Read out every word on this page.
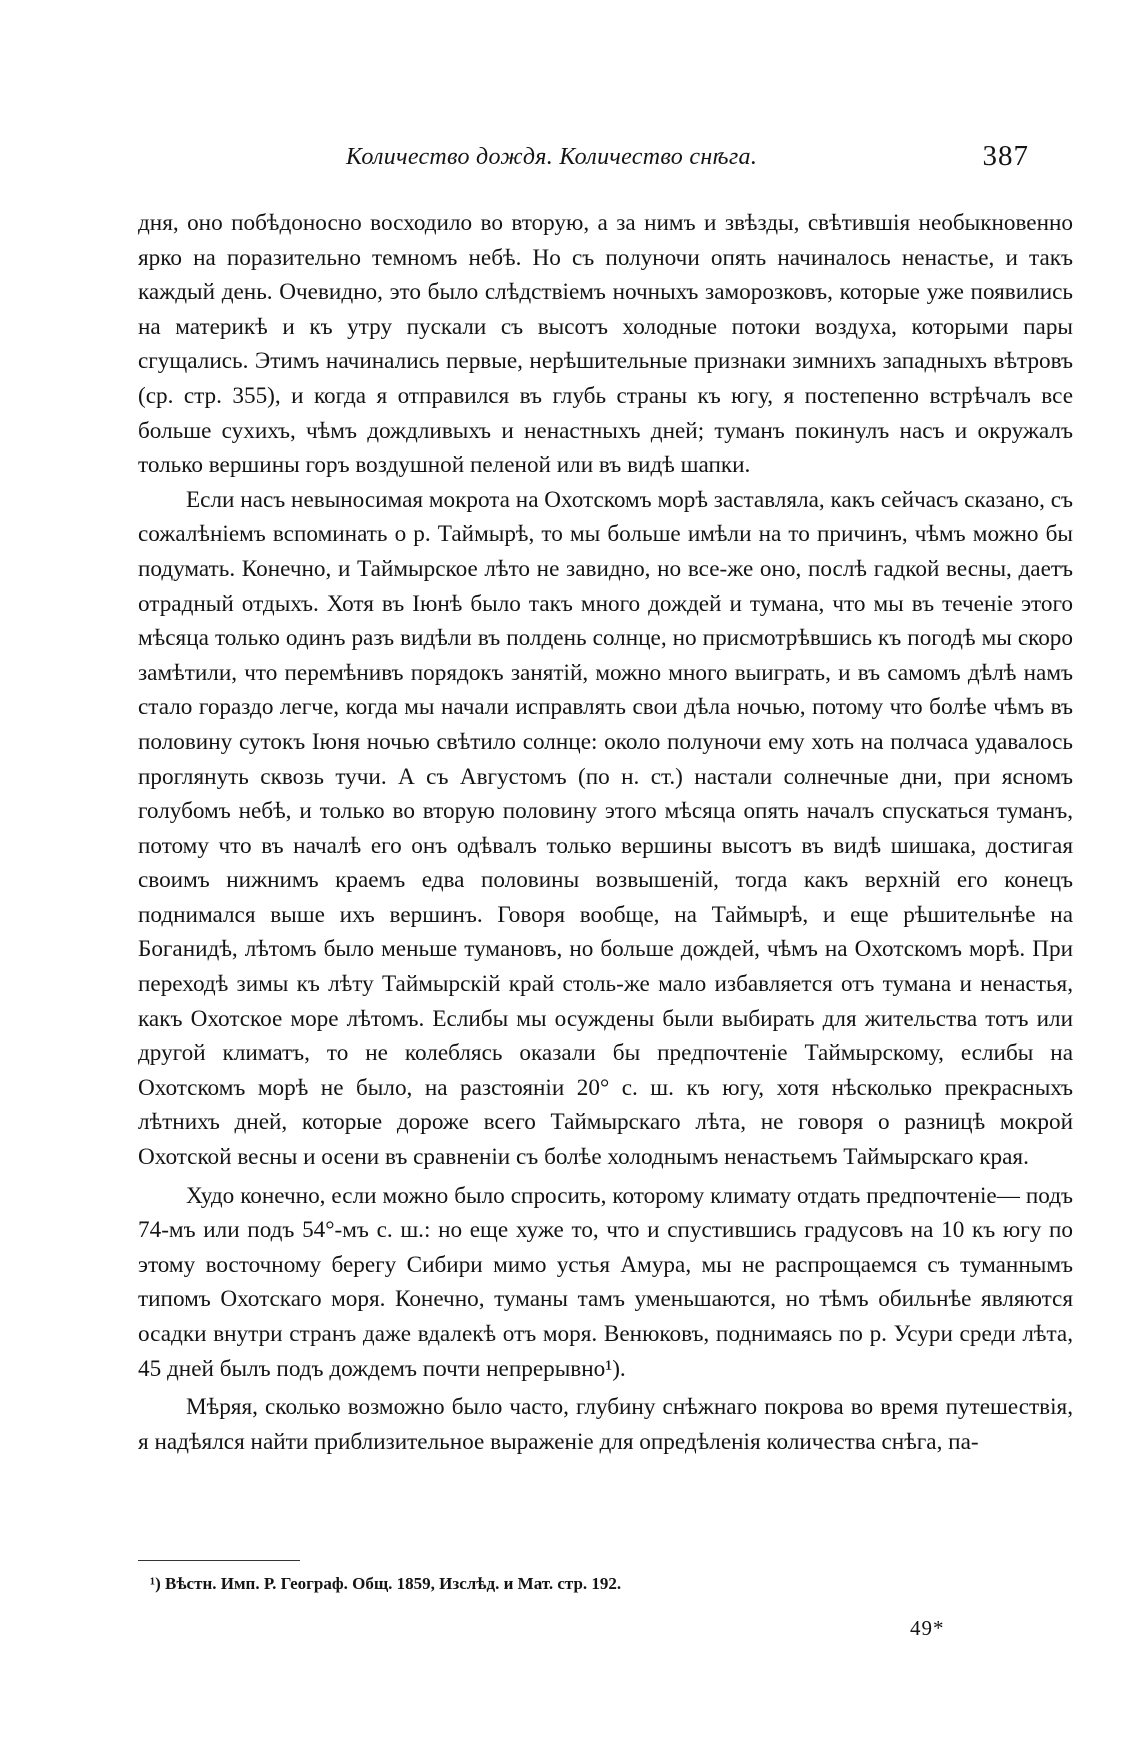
Количество дождя. Количество снѣга.	387

дня, оно побѣдоносно восходило во вторую, а за нимъ и звѣзды, свѣтившія необыкновенно ярко на поразительно темномъ небѣ. Но съ полуночи опять начиналось ненастье, и такъ каждый день. Очевидно, это было слѣдствіемъ ночныхъ заморозковъ, которые уже появились на материкѣ и къ утру пускали съ высотъ холодные потоки воздуха, которыми пары сгущались. Этимъ начинались первые, нерѣшительные признаки зимнихъ западныхъ вѣтровъ (ср. стр. 355), и когда я отправился въ глубь страны къ югу, я постепенно встрѣчалъ все больше сухихъ, чѣмъ дождливыхъ и ненастныхъ дней; туманъ покинулъ насъ и окружалъ только вершины горъ воздушной пеленой или въ видѣ шапки.

Если насъ невыносимая мокрота на Охотскомъ морѣ заставляла, какъ сейчасъ сказано, съ сожалѣніемъ вспоминать о р. Таймырѣ, то мы больше имѣли на то причинъ, чѣмъ можно бы подумать. Конечно, и Таймырское лѣто не завидно, но все-же оно, послѣ гадкой весны, даетъ отрадный отдыхъ. Хотя въ Іюнѣ было такъ много дождей и тумана, что мы въ теченіе этого мѣсяца только одинъ разъ видѣли въ полдень солнце, но присмотрѣвшись къ погодѣ мы скоро замѣтили, что перемѣнивъ порядокъ занятій, можно много выиграть, и въ самомъ дѣлѣ намъ стало гораздо легче, когда мы начали исправлять свои дѣла ночью, потому что болѣе чѣмъ въ половину сутокъ Іюня ночью свѣтило солнце: около полуночи ему хоть на полчаса удавалось проглянуть сквозь тучи. А съ Августомъ (по н. ст.) настали солнечные дни, при ясномъ голубомъ небѣ, и только во вторую половину этого мѣсяца опять началъ спускаться туманъ, потому что въ началѣ его онъ одѣвалъ только вершины высотъ въ видѣ шишака, достигая своимъ нижнимъ краемъ едва половины возвышеній, тогда какъ верхній его конецъ поднимался выше ихъ вершинъ. Говоря вообще, на Таймырѣ, и еще рѣшительнѣе на Боганидѣ, лѣтомъ было меньше тумановъ, но больше дождей, чѣмъ на Охотскомъ морѣ. При переходѣ зимы къ лѣту Таймырскій край столь-же мало избавляется отъ тумана и ненастья, какъ Охотское море лѣтомъ. Еслибы мы осуждены были выбирать для жительства тотъ или другой климатъ, то не колеблясь оказали бы предпочтеніе Таймырскому, еслибы на Охотскомъ морѣ не было, на разстояніи 20° с. ш. къ югу, хотя нѣсколько прекрасныхъ лѣтнихъ дней, которые дороже всего Таймырскаго лѣта, не говоря о разницѣ мокрой Охотской весны и осени въ сравненіи съ болѣе холоднымъ ненастьемъ Таймырскаго края.

Худо конечно, если можно было спросить, которому климату отдать предпочтеніе— подъ 74-мъ или подъ 54°-мъ с. ш.: но еще хуже то, что и спустившись градусовъ на 10 къ югу по этому восточному берегу Сибири мимо устья Амура, мы не распрощаемся съ туманнымъ типомъ Охотскаго моря. Конечно, туманы тамъ уменьшаются, но тѣмъ обильнѣе являются осадки внутри странъ даже вдалекѣ отъ моря. Венюковъ, поднимаясь по р. Усури среди лѣта, 45 дней былъ подъ дождемъ почти непрерывно¹).

Мѣряя, сколько возможно было часто, глубину снѣжнаго покрова во время путешествія, я надѣялся найти приблизительное выраженіе для опредѣленія количества снѣга, па-

¹) Вѣстн. Имп. Р. Географ. Общ. 1859, Изслѣд. и Мат. стр. 192.
49*
